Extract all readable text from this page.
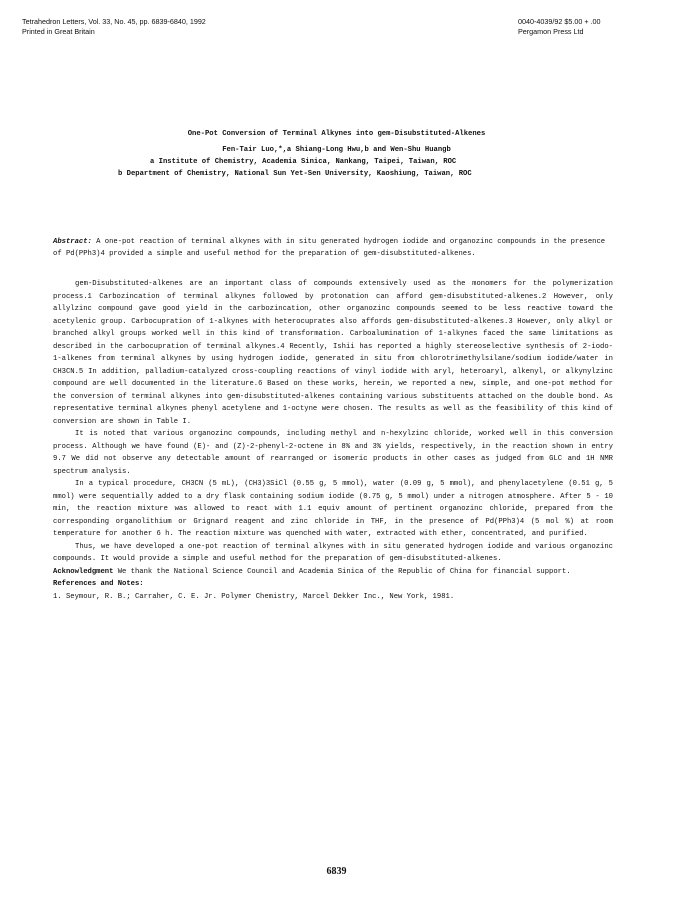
Tetrahedron Letters, Vol. 33, No. 45, pp. 6839-6840, 1992
Printed in Great Britain
0040-4039/92 $5.00 + .00
Pergamon Press Ltd
One-Pot Conversion of Terminal Alkynes into gem-Disubstituted-Alkenes
Fen-Tair Luo,*,a Shiang-Long Hwu,b and Wen-Shu Huangb
a Institute of Chemistry, Academia Sinica, Nankang, Taipei, Taiwan, ROC
b Department of Chemistry, National Sun Yet-Sen University, Kaoshiung, Taiwan, ROC
Abstract: A one-pot reaction of terminal alkynes with in situ generated hydrogen iodide and organozinc compounds in the presence of Pd(PPh3)4 provided a simple and useful method for the preparation of gem-disubstituted-alkenes.

gem-Disubstituted-alkenes are an important class of compounds extensively used as the monomers for the polymerization process.1 Carbozincation of terminal alkynes followed by protonation can afford gem-disubstituted-alkenes.2 However, only allylzinc compound gave good yield in the carbozincation, other organozinc compounds seemed to be less reactive toward the acetylenic group. Carbocupration of 1-alkynes with heterocuprates also affords gem-disubstituted-alkenes.3 However, only alkyl or branched alkyl groups worked well in this kind of transformation. Carboalumination of 1-alkynes faced the same limitations as described in the carbocupration of terminal alkynes.4 Recently, Ishii has reported a highly stereoselective synthesis of 2-iodo-1-alkenes from terminal alkynes by using hydrogen iodide, generated in situ from chlorotrimethylsilane/sodium iodide/water in CH3CN.5 In addition, palladium-catalyzed cross-coupling reactions of vinyl iodide with aryl, heteroaryl, alkenyl, or alkynylzinc compound are well documented in the literature.6 Based on these works, herein, we reported a new, simple, and one-pot method for the conversion of terminal alkynes into gem-disubstituted-alkenes containing various substituents attached on the double bond. As representative terminal alkynes phenyl acetylene and 1-octyne were chosen. The results as well as the feasibility of this kind of conversion are shown in Table I.

It is noted that various organozinc compounds, including methyl and n-hexylzinc chloride, worked well in this conversion process. Although we have found (E)- and (Z)-2-phenyl-2-octene in 8% and 3% yields, respectively, in the reaction shown in entry 9.7 We did not observe any detectable amount of rearranged or isomeric products in other cases as judged from GLC and 1H NMR spectrum analysis.

In a typical procedure, CH3CN (5 mL), (CH3)3SiCl (0.55 g, 5 mmol), water (0.09 g, 5 mmol), and phenylacetylene (0.51 g, 5 mmol) were sequentially added to a dry flask containing sodium iodide (0.75 g, 5 mmol) under a nitrogen atmosphere. After 5 - 10 min, the reaction mixture was allowed to react with 1.1 equiv amount of pertinent organozinc chloride, prepared from the corresponding organolithium or Grignard reagent and zinc chloride in THF, in the presence of Pd(PPh3)4 (5 mol %) at room temperature for another 6 h. The reaction mixture was quenched with water, extracted with ether, concentrated, and purified.

Thus, we have developed a one-pot reaction of terminal alkynes with in situ generated hydrogen iodide and various organozinc compounds. It would provide a simple and useful method for the preparation of gem-disubstituted-alkenes.

Acknowledgment We thank the National Science Council and Academia Sinica of the Republic of China for financial support.

References and Notes:

1. Seymour, R. B.; Carraher, C. E. Jr. Polymer Chemistry, Marcel Dekker Inc., New York, 1981.

6839
